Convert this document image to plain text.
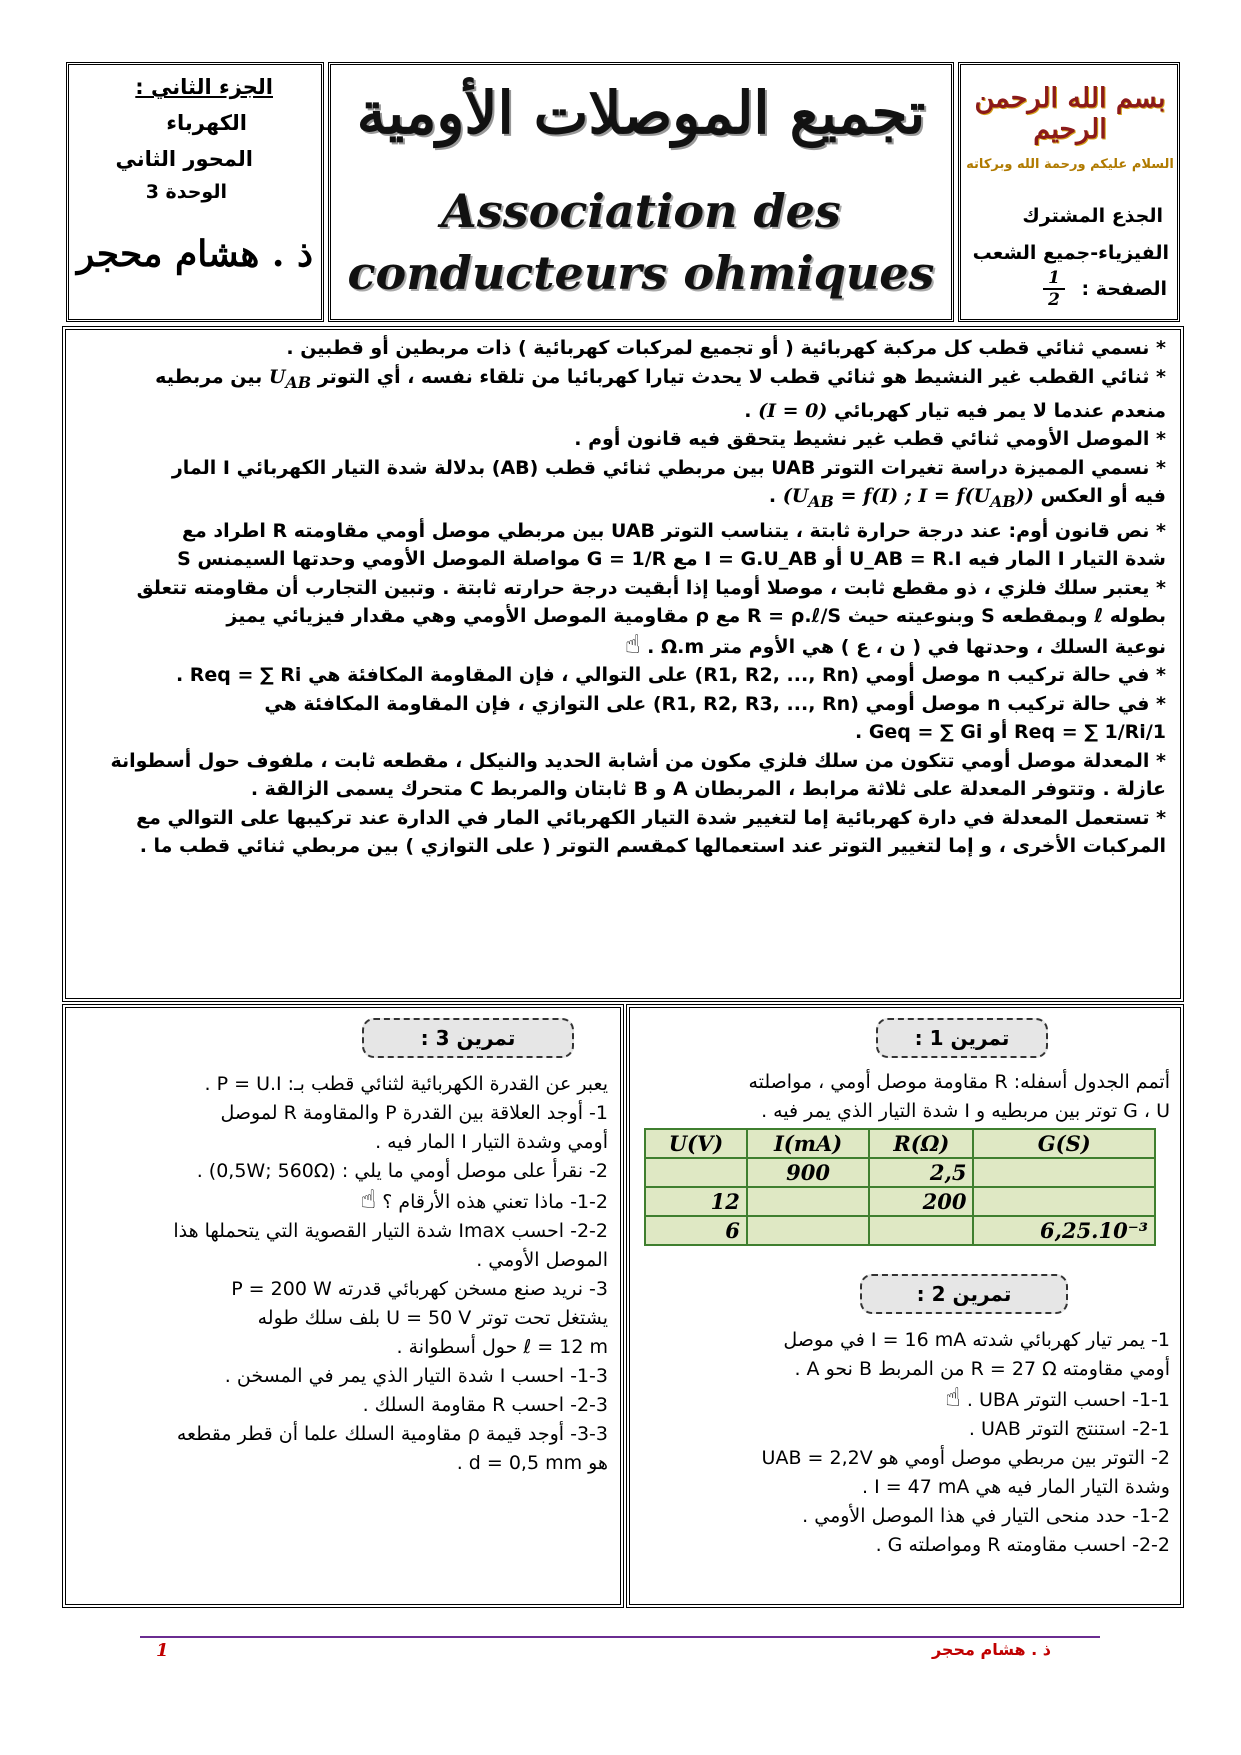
بسم الله الرحمن الرحيم
السلام عليكم ورحمة الله وبركاته
الجذع المشترك
الفيزياء-جميع الشعب
الصفحة :
$\frac{1}{2}$
تجميع الموصلات الأومية
Association des
conducteurs ohmiques
الجزء الثاني :
الكهرباء
المحور الثاني
الوحدة 3
ذ . هشام محجر

* نسمي ثنائي قطب كل مركبة كهربائية ( أو تجميع لمركبات كهربائية ) ذات مربطين أو قطبين .

* ثنائي القطب غير النشيط هو ثنائي قطب لا يحدث تيارا كهربائيا من تلقاء نفسه ، أي التوتر $U_{AB}$ بين مربطيه

منعدم عندما لا يمر فيه تيار كهربائي (I = 0) .

* الموصل الأومي ثنائي قطب غير نشيط يتحقق فيه قانون أوم .

* نسمي المميزة دراسة تغيرات التوتر UAB بين مربطي ثنائي قطب (AB) بدلالة شدة التيار الكهربائي I المار

فيه أو العكس ($U_{AB} = f(I)$ ; $I = f(U_{AB})$) .

* نص قانون أوم: عند درجة حرارة ثابتة ، يتناسب التوتر UAB بين مربطي موصل أومي مقاومته R اطراد مع

شدة التيار I المار فيه U_AB = R.I أو I = G.U_AB مع G = 1/R مواصلة الموصل الأومي وحدتها السيمنس S

* يعتبر سلك فلزي ، ذو مقطع ثابت ، موصلا أوميا إذا أبقيت درجة حرارته ثابتة . وتبين التجارب أن مقاومته تتعلق

بطوله ℓ وبمقطعه S وبنوعيته حيث R = ρ.ℓ/S مع ρ مقاومية الموصل الأومي وهي مقدار فيزيائي يميز

نوعية السلك ، وحدتها في ( ن ، ع ) هي الأوم متر Ω.m . ☝

* في حالة تركيب n موصل أومي (R1, R2, ..., Rn) على التوالي ، فإن المقاومة المكافئة هي Req = ∑ Ri .

* في حالة تركيب n موصل أومي (R1, R2, R3, ..., Rn) على التوازي ، فإن المقاومة المكافئة هي

1/Req = ∑ 1/Ri أو Geq = ∑ Gi .

* المعدلة موصل أومي تتكون من سلك فلزي مكون من أشابة الحديد والنيكل ، مقطعه ثابت ، ملفوف حول أسطوانة

عازلة . وتتوفر المعدلة على ثلاثة مرابط ، المربطان A و B ثابتان والمربط C متحرك يسمى الزالقة .

* تستعمل المعدلة في دارة كهربائية إما لتغيير شدة التيار الكهربائي المار في الدارة عند تركيبها على التوالي مع

المركبات الأخرى ، و إما لتغيير التوتر عند استعمالها كمقسم التوتر ( على التوازي ) بين مربطي ثنائي قطب ما .

تمرين 1 :

أتمم الجدول أسفله: R مقاومة موصل أومي ، مواصلته

G ، U توتر بين مربطيه و I شدة التيار الذي يمر فيه .

U(V)	I(mA)	R(Ω)	G(S)
	900	2,5	
12		200	
6			6,25.10⁻³
تمرين 2 :

1- يمر تيار كهربائي شدته I = 16 mA في موصل

أومي مقاومته R = 27 Ω من المربط B نحو A .

1-1- احسب التوتر UBA . ☝

2-1- استنتج التوتر UAB .

2- التوتر بين مربطي موصل أومي هو UAB = 2,2V

وشدة التيار المار فيه هي I = 47 mA .

1-2- حدد منحى التيار في هذا الموصل الأومي .

2-2- احسب مقاومته R ومواصلته G .

تمرين 3 :

يعبر عن القدرة الكهربائية لثنائي قطب بـ: P = U.I .

1- أوجد العلاقة بين القدرة P والمقاومة R لموصل

أومي وشدة التيار I المار فيه .

2- نقرأ على موصل أومي ما يلي : (0,5W; 560Ω) .

1-2- ماذا تعني هذه الأرقام ؟ ☝

2-2- احسب Imax شدة التيار القصوية التي يتحملها هذا

الموصل الأومي .

3- نريد صنع مسخن كهربائي قدرته P = 200 W

يشتغل تحت توتر U = 50 V بلف سلك طوله

ℓ = 12 m حول أسطوانة .

1-3- احسب I شدة التيار الذي يمر في المسخن .

2-3- احسب R مقاومة السلك .

3-3- أوجد قيمة ρ مقاومية السلك علما أن قطر مقطعه

هو d = 0,5 mm .

ذ . هشام محجر
1
